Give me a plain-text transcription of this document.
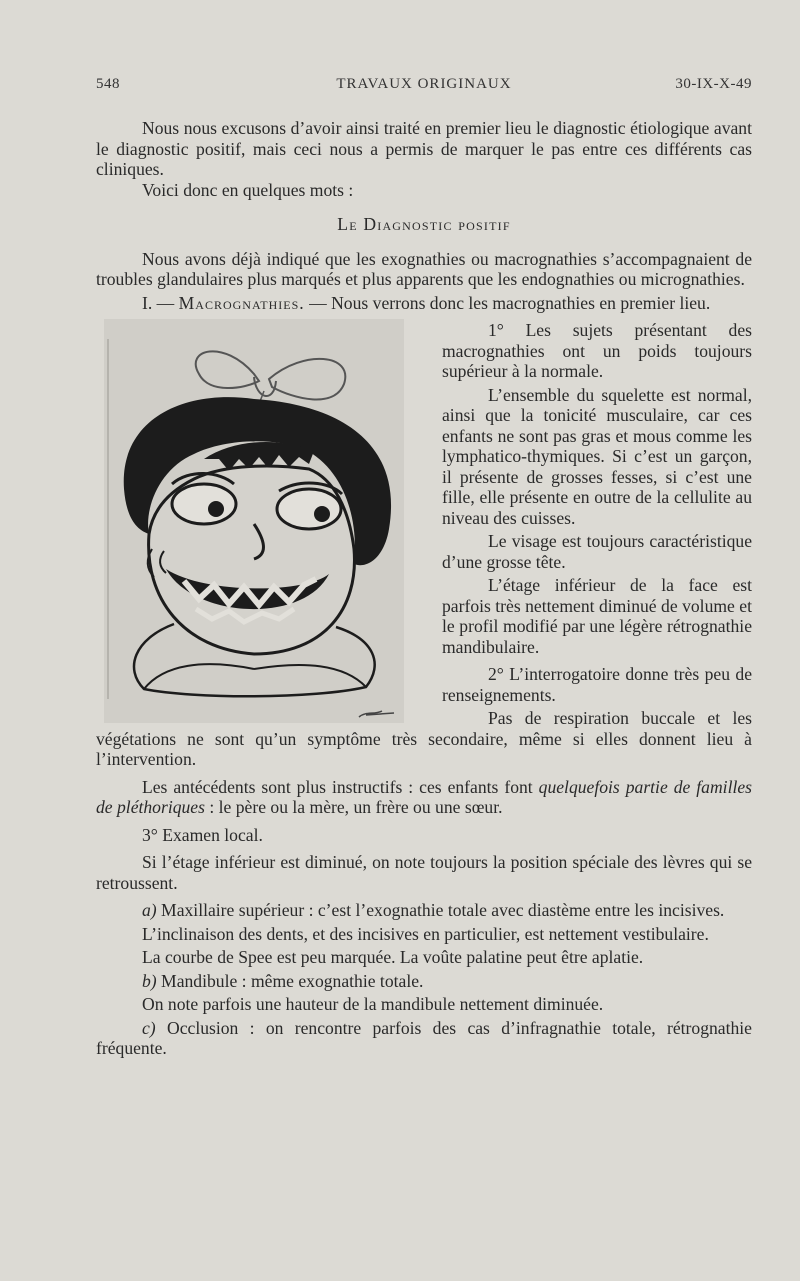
548	TRAVAUX ORIGINAUX	30-IX-X-49

Nous nous excusons d’avoir ainsi traité en premier lieu le diagnostic étiologique avant le diagnostic positif, mais ceci nous a permis de marquer le pas entre ces différents cas cliniques.

Voici donc en quelques mots :

Le Diagnostic positif

Nous avons déjà indiqué que les exognathies ou macrognathies s’accompagnaient de troubles glandulaires plus marqués et plus apparents que les endognathies ou micrognathies.

I. — Macrognathies. — Nous verrons donc les macrognathies en premier lieu.

1° Les sujets présentant des macrognathies ont un poids toujours supérieur à la normale.

L’ensemble du squelette est normal, ainsi que la tonicité musculaire, car ces enfants ne sont pas gras et mous comme les lymphatico-thymiques. Si c’est un garçon, il présente de grosses fesses, si c’est une fille, elle présente en outre de la cellulite au niveau des cuisses.

Le visage est toujours caractéristique d’une grosse tête.

L’étage inférieur de la face est parfois très nettement diminué de volume et le profil modifié par une légère rétrognathie mandibulaire.

2° L’interrogatoire donne très peu de renseignements.

Pas de respiration buccale et les végétations ne sont qu’un symptôme très secondaire, même si elles donnent lieu à l’intervention.

Les antécédents sont plus instructifs : ces enfants font quelquefois partie de familles de pléthoriques : le père ou la mère, un frère ou une sœur.

3° Examen local.

Si l’étage inférieur est diminué, on note toujours la position spéciale des lèvres qui se retroussent.

a) Maxillaire supérieur : c’est l’exognathie totale avec diastème entre les incisives.

L’inclinaison des dents, et des incisives en particulier, est nettement vestibulaire.

La courbe de Spee est peu marquée. La voûte palatine peut être aplatie.

b) Mandibule : même exognathie totale.

On note parfois une hauteur de la mandibule nettement diminuée.

c) Occlusion : on rencontre parfois des cas d’infragnathie totale, rétrognathie fréquente.
